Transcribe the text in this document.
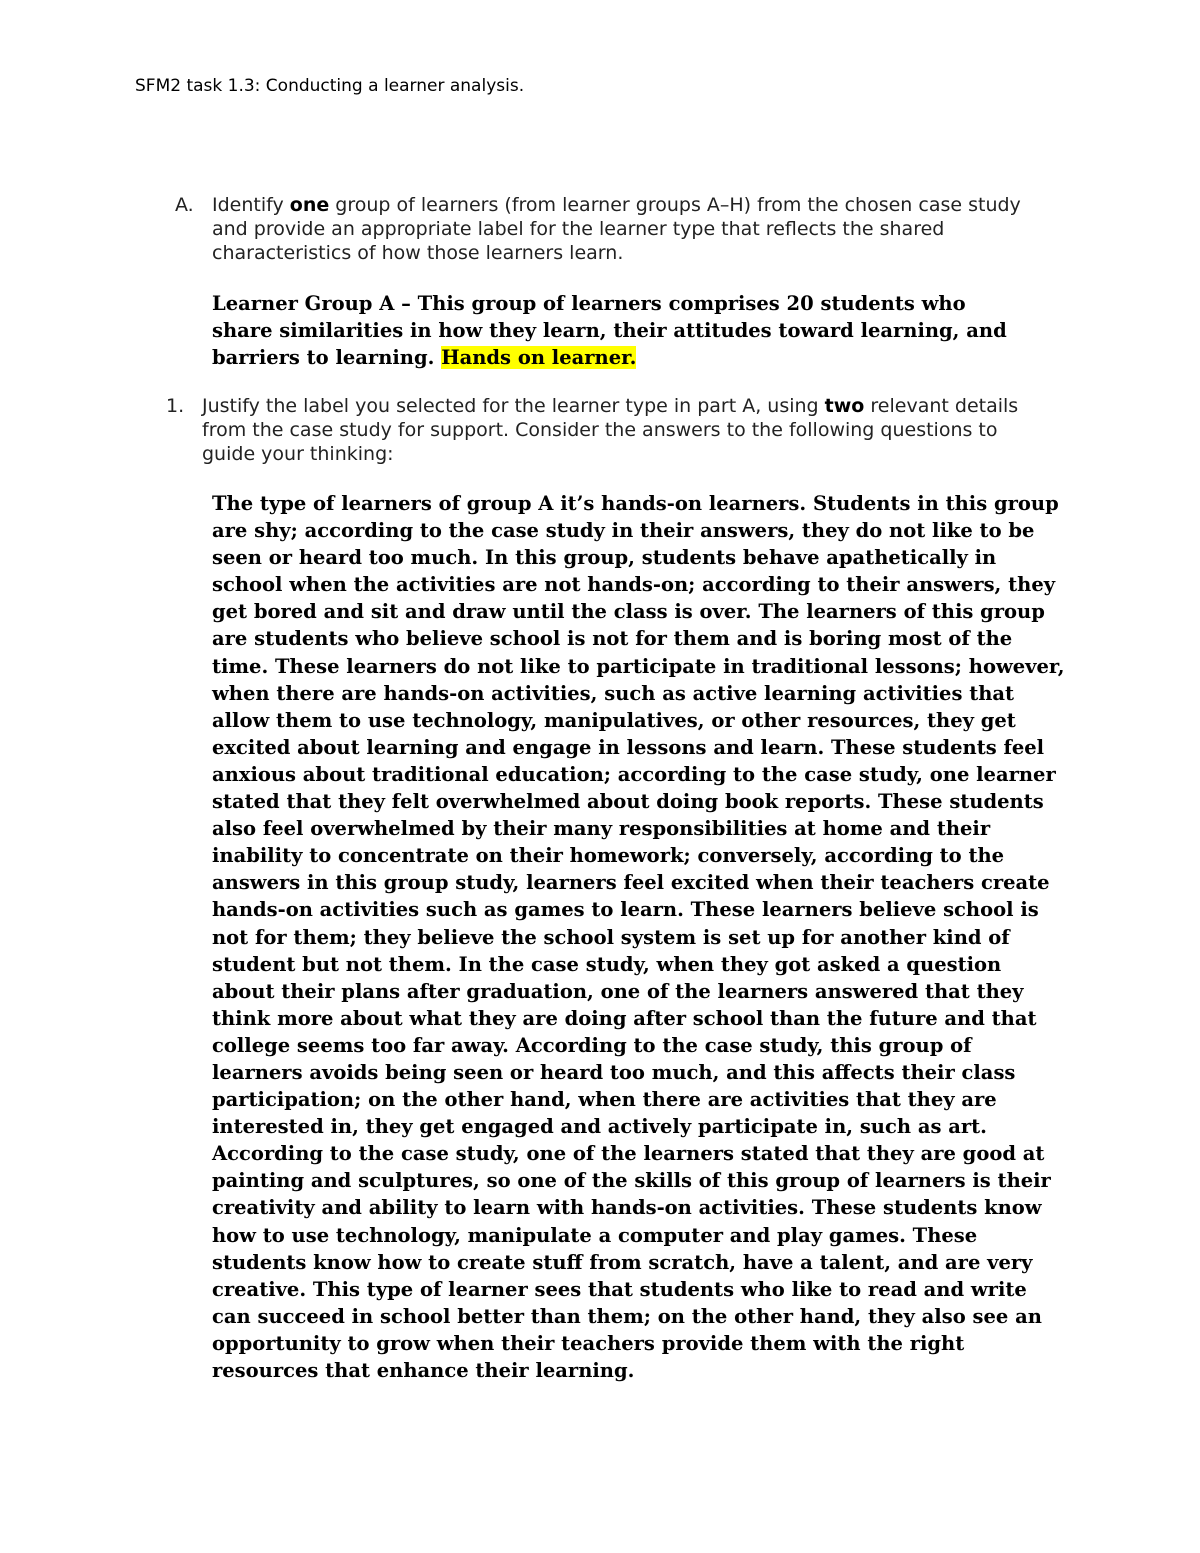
SFM2 task 1.3: Conducting a learner analysis.
A. Identify one group of learners (from learner groups A–H) from the chosen case study and provide an appropriate label for the learner type that reflects the shared characteristics of how those learners learn.
Learner Group A – This group of learners comprises 20 students who share similarities in how they learn, their attitudes toward learning, and barriers to learning. Hands on learner.
1. Justify the label you selected for the learner type in part A, using two relevant details from the case study for support. Consider the answers to the following questions to guide your thinking:
The type of learners of group A it’s hands-on learners. Students in this group are shy; according to the case study in their answers, they do not like to be seen or heard too much. In this group, students behave apathetically in school when the activities are not hands-on; according to their answers, they get bored and sit and draw until the class is over. The learners of this group are students who believe school is not for them and is boring most of the time. These learners do not like to participate in traditional lessons; however, when there are hands-on activities, such as active learning activities that allow them to use technology, manipulatives, or other resources, they get excited about learning and engage in lessons and learn. These students feel anxious about traditional education; according to the case study, one learner stated that they felt overwhelmed about doing book reports. These students also feel overwhelmed by their many responsibilities at home and their inability to concentrate on their homework; conversely, according to the answers in this group study, learners feel excited when their teachers create hands-on activities such as games to learn. These learners believe school is not for them; they believe the school system is set up for another kind of student but not them. In the case study, when they got asked a question about their plans after graduation, one of the learners answered that they think more about what they are doing after school than the future and that college seems too far away. According to the case study, this group of learners avoids being seen or heard too much, and this affects their class participation; on the other hand, when there are activities that they are interested in, they get engaged and actively participate in, such as art. According to the case study, one of the learners stated that they are good at painting and sculptures, so one of the skills of this group of learners is their creativity and ability to learn with hands-on activities. These students know how to use technology, manipulate a computer and play games. These students know how to create stuff from scratch, have a talent, and are very creative. This type of learner sees that students who like to read and write can succeed in school better than them; on the other hand, they also see an opportunity to grow when their teachers provide them with the right resources that enhance their learning.
